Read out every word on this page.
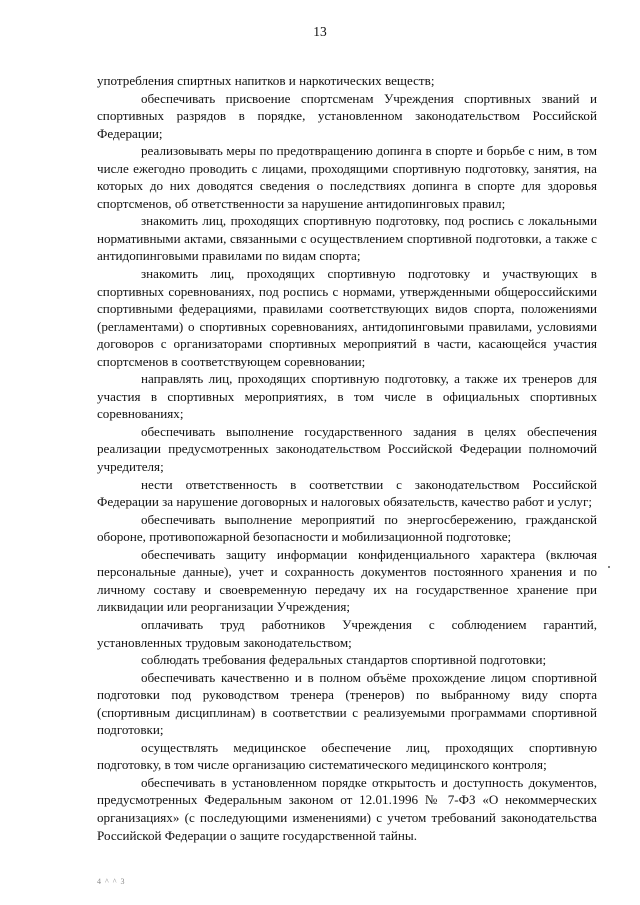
13

употребления спиртных напитков и наркотических веществ;

обеспечивать присвоение спортсменам Учреждения спортивных званий и спортивных разрядов в порядке, установленном законодательством Российской Федерации;

реализовывать меры по предотвращению допинга в спорте и борьбе с ним, в том числе ежегодно проводить с лицами, проходящими спортивную подготовку, занятия, на которых до них доводятся сведения о последствиях допинга в спорте для здоровья спортсменов, об ответственности за нарушение антидопинговых правил;

знакомить лиц, проходящих спортивную подготовку, под роспись с локальными нормативными актами, связанными с осуществлением спортивной подготовки, а также с антидопинговыми правилами по видам спорта;

знакомить лиц, проходящих спортивную подготовку и участвующих в спортивных соревнованиях, под роспись с нормами, утвержденными общероссийскими спортивными федерациями, правилами соответствующих видов спорта, положениями (регламентами) о спортивных соревнованиях, антидопинговыми правилами, условиями договоров с организаторами спортивных мероприятий в части, касающейся участия спортсменов в соответствующем соревновании;

направлять лиц, проходящих спортивную подготовку, а также их тренеров для участия в спортивных мероприятиях, в том числе в официальных спортивных соревнованиях;

обеспечивать выполнение государственного задания в целях обеспечения реализации предусмотренных законодательством Российской Федерации полномочий учредителя;

нести ответственность в соответствии с законодательством Российской Федерации за нарушение договорных и налоговых обязательств, качество работ и услуг;

обеспечивать выполнение мероприятий по энергосбережению, гражданской обороне, противопожарной безопасности и мобилизационной подготовке;

обеспечивать защиту информации конфиденциального характера (включая персональные данные), учет и сохранность документов постоянного хранения и по личному составу и своевременную передачу их на государственное хранение при ликвидации или реорганизации Учреждения;

оплачивать труд работников Учреждения с соблюдением гарантий, установленных трудовым законодательством;

соблюдать требования федеральных стандартов спортивной подготовки;

обеспечивать качественно и в полном объёме прохождение лицом спортивной подготовки под руководством тренера (тренеров) по выбранному виду спорта (спортивным дисциплинам) в соответствии с реализуемыми программами спортивной подготовки;

осуществлять медицинское обеспечение лиц, проходящих спортивную подготовку, в том числе организацию систематического медицинского контроля;

обеспечивать в установленном порядке открытость и доступность документов, предусмотренных Федеральным законом от 12.01.1996 № 7-ФЗ «О некоммерческих организациях» (с последующими изменениями) с учетом требований законодательства Российской Федерации о защите государственной тайны.

4 ^ ^ 3
